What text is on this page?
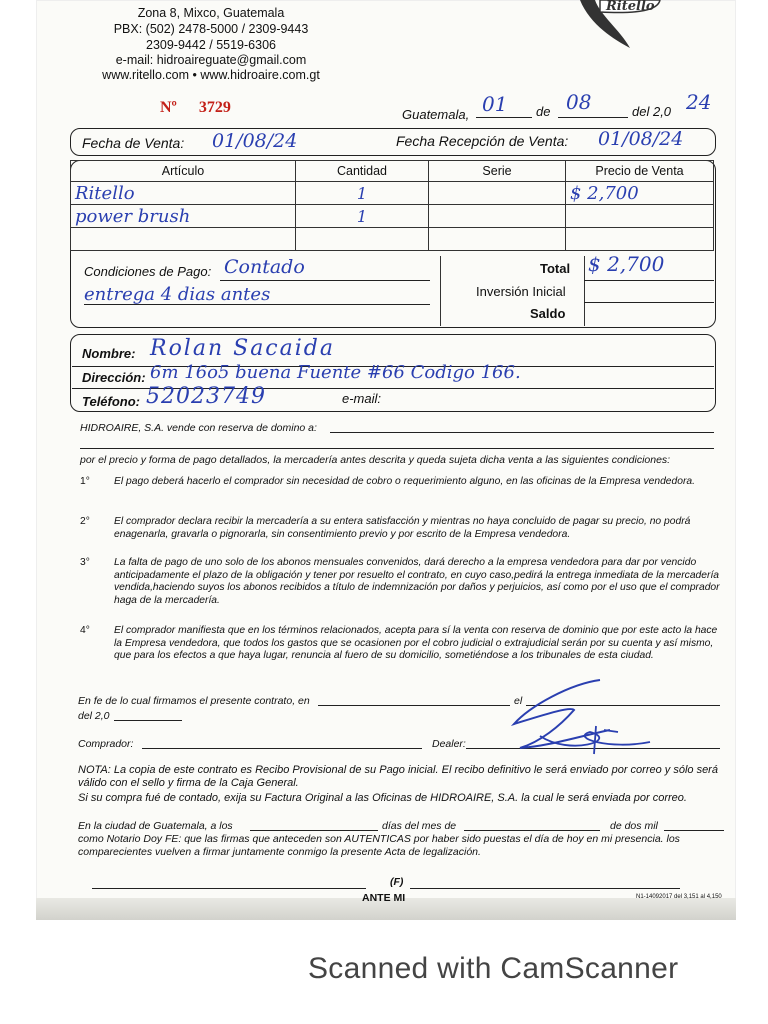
Zona 8, Mixco, Guatemala
PBX: (502) 2478-5000 / 2309-9443
2309-9442 / 5519-6306
e-mail: hidroaireguate@gmail.com
www.ritello.com • www.hidroaire.com.gt
Ritello
Nº 3729	Guatemala, 01 de 08	del 2,0 24
Fecha de Venta: 01/08/24	Fecha Recepción de Venta: 01/08/24
Artículo	Cantidad	Serie	Precio de Venta
Ritello	1		$ 2,700
power brush	1		

Condiciones de Pago: Contado
entrega 4 dias antes
Total $ 2,700
Inversión Inicial
Saldo
Nombre: Rolan Sacaida
Dirección: 6m 16o5 buena Fuente #66 Codigo 166.
Teléfono: 52023749	e-mail:
HIDROAIRE, S.A. vende con reserva de domino a:
por el precio y forma de pago detallados, la mercadería antes descrita y queda sujeta dicha venta a las siguientes condiciones:
1° El pago deberá hacerlo el comprador sin necesidad de cobro o requerimiento alguno, en las oficinas de la Empresa vendedora.
2° El comprador declara recibir la mercadería a su entera satisfacción y mientras no haya concluido de pagar su precio, no podrá enagenarla, gravarla o pignorarla, sin consentimiento previo y por escrito de la Empresa vendedora.
3° La falta de pago de uno solo de los abonos mensuales convenidos, dará derecho a la empresa vendedora para dar por vencido anticipadamente el plazo de la obligación y tener por resuelto el contrato, en cuyo caso,pedirá la entrega inmediata de la mercadería vendida,haciendo suyos los abonos recibidos a título de indemnización por daños y perjuicios, así como por el uso que el comprador haga de la mercadería.
4° El comprador manifiesta que en los términos relacionados, acepta para sí la venta con reserva de dominio que por este acto la hace la Empresa vendedora, que todos los gastos que se ocasionen por el cobro judicial o extrajudicial serán por su cuenta y así mismo, que para los efectos a que haya lugar, renuncia al fuero de su domicilio, sometiéndose a los tribunales de esta ciudad.
En fe de lo cual firmamos el presente contrato, en	el
del 2,0
Comprador:	Dealer:
NOTA: La copia de este contrato es Recibo Provisional de su Pago inicial. El recibo definitivo le será enviado por correo y sólo será válido con el sello y firma de la Caja General.
Si su compra fué de contado, exija su Factura Original a las Oficinas de HIDROAIRE, S.A. la cual le será enviada por correo.
En la ciudad de Guatemala, a los	días del mes de	de dos mil
como Notario Doy FE: que las firmas que anteceden son AUTENTICAS por haber sido puestas el día de hoy en mi presencia. los comparecientes vuelven a firmar juntamente conmigo la presente Acta de legalización.
(F)
ANTE MI	N1-14092017 del 3,151 al 4,150
Scanned with CamScanner
